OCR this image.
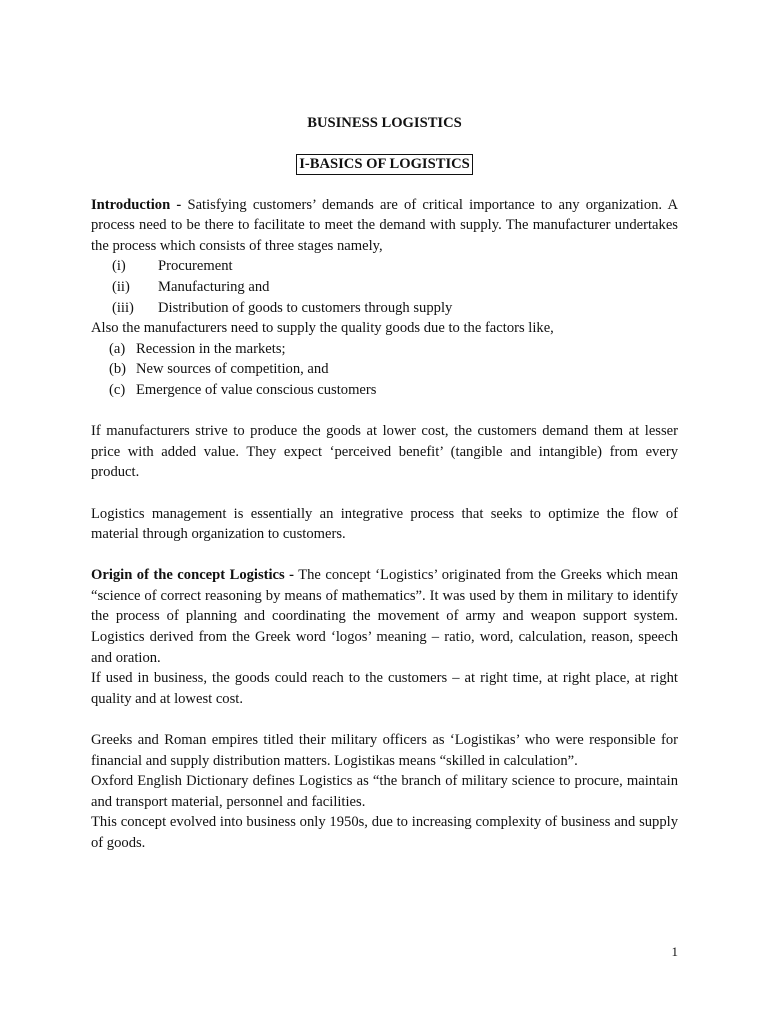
BUSINESS LOGISTICS
I-BASICS OF LOGISTICS

Introduction - Satisfying customers’ demands are of critical importance to any organization. A process need to be there to facilitate to meet the demand with supply. The manufacturer undertakes the process which consists of three stages namely,

(i) Procurement
(ii) Manufacturing and
(iii) Distribution of goods to customers through supply

Also the manufacturers need to supply the quality goods due to the factors like,

(a) Recession in the markets;
(b) New sources of competition, and
(c) Emergence of value conscious customers

If manufacturers strive to produce the goods at lower cost, the customers demand them at lesser price with added value. They expect ‘perceived benefit’ (tangible and intangible) from every product.

Logistics management is essentially an integrative process that seeks to optimize the flow of material through organization to customers.

Origin of the concept Logistics - The concept ‘Logistics’ originated from the Greeks which mean “science of correct reasoning by means of mathematics”. It was used by them in military to identify the process of planning and coordinating the movement of army and weapon support system. Logistics derived from the Greek word ‘logos’ meaning – ratio, word, calculation, reason, speech and oration.

If used in business, the goods could reach to the customers – at right time, at right place, at right quality and at lowest cost.

Greeks and Roman empires titled their military officers as ‘Logistikas’ who were responsible for financial and supply distribution matters. Logistikas means “skilled in calculation”.

Oxford English Dictionary defines Logistics as “the branch of military science to procure, maintain and transport material, personnel and facilities.

This concept evolved into business only 1950s, due to increasing complexity of business and supply of goods.

1
